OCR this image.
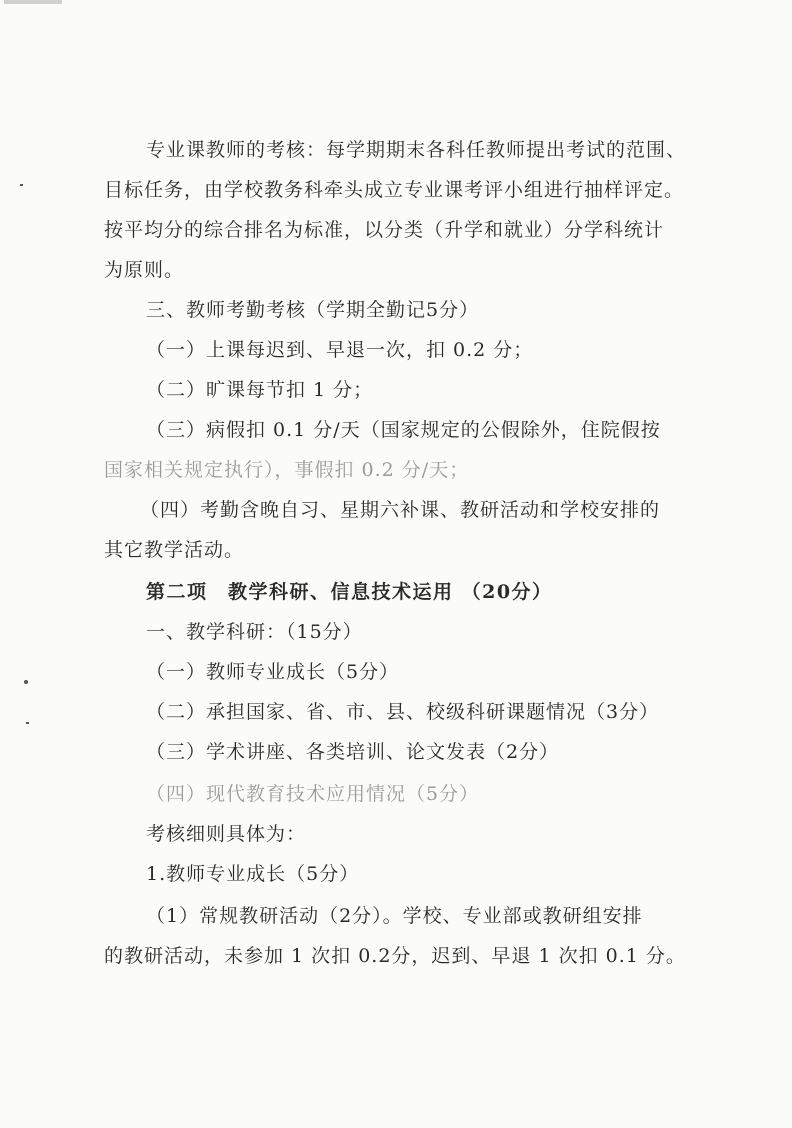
专业课教师的考核：每学期期末各科任教师提出考试的范围、
目标任务，由学校教务科牵头成立专业课考评小组进行抽样评定。
按平均分的综合排名为标准，以分类（升学和就业）分学科统计
为原则。
三、教师考勤考核（学期全勤记5分）
（一）上课每迟到、早退一次，扣 0.2 分；
（二）旷课每节扣 1 分；
（三）病假扣 0.1 分/天（国家规定的公假除外，住院假按
国家相关规定执行），事假扣 0.2 分/天；
（四）考勤含晚自习、星期六补课、教研活动和学校安排的
其它教学活动。
第二项　教学科研、信息技术运用 （20分）
一、教学科研：（15分）
（一）教师专业成长（5分）
（二）承担国家、省、市、县、校级科研课题情况（3分）
（三）学术讲座、各类培训、论文发表（2分）
（四）现代教育技术应用情况（5分）
考核细则具体为：
1.教师专业成长（5分）
（1）常规教研活动（2分）。学校、专业部或教研组安排
的教研活动，未参加 1 次扣 0.2分，迟到、早退 1 次扣 0.1 分。
